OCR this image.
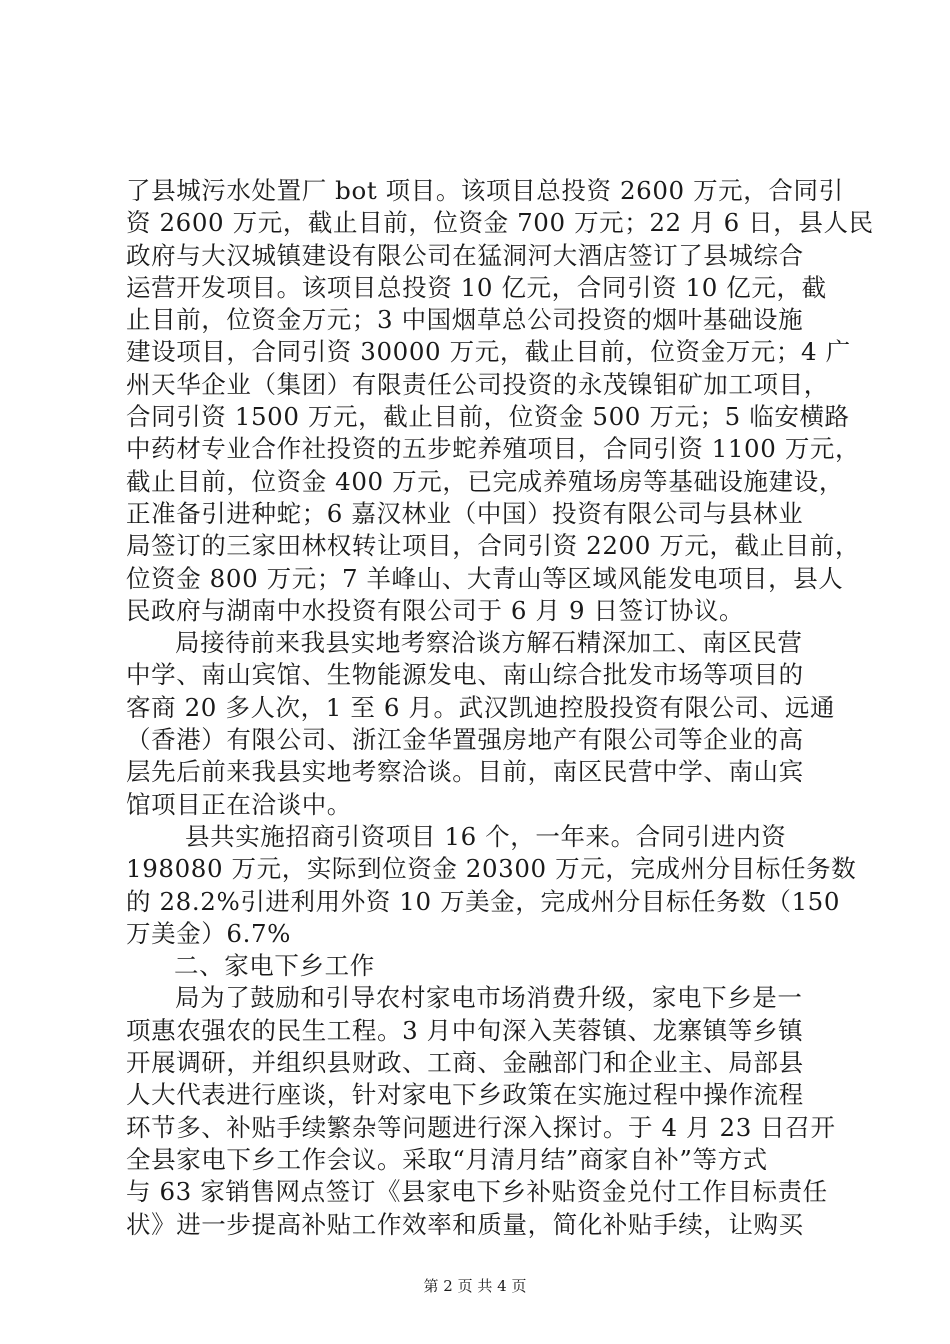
了县城污水处置厂 bot 项目。该项目总投资 2600 万元，合同引
资 2600 万元，截止目前，位资金 700 万元；22 月 6 日，县人民
政府与大汉城镇建设有限公司在猛洞河大酒店签订了县城综合
运营开发项目。该项目总投资 10 亿元，合同引资 10 亿元，截
止目前，位资金万元；3 中国烟草总公司投资的烟叶基础设施
建设项目，合同引资 30000 万元，截止目前，位资金万元；4 广
州天华企业（集团）有限责任公司投资的永茂镍钼矿加工项目，
合同引资 1500 万元，截止目前，位资金 500 万元；5 临安横路
中药材专业合作社投资的五步蛇养殖项目，合同引资 1100 万元，
截止目前，位资金 400 万元，已完成养殖场房等基础设施建设，
正准备引进种蛇；6 嘉汉林业（中国）投资有限公司与县林业
局签订的三家田林权转让项目，合同引资 2200 万元，截止目前，
位资金 800 万元；7 羊峰山、大青山等区域风能发电项目，县人
民政府与湖南中水投资有限公司于 6 月 9 日签订协议。
局接待前来我县实地考察洽谈方解石精深加工、南区民营
中学、南山宾馆、生物能源发电、南山综合批发市场等项目的
客商 20 多人次，1 至 6 月。武汉凯迪控股投资有限公司、远通
（香港）有限公司、浙江金华置强房地产有限公司等企业的高
层先后前来我县实地考察洽谈。目前，南区民营中学、南山宾
馆项目正在洽谈中。
县共实施招商引资项目 16 个，一年来。合同引进内资
198080 万元，实际到位资金 20300 万元，完成州分目标任务数
的 28.2%引进利用外资 10 万美金，完成州分目标任务数（150
万美金）6.7%
二、家电下乡工作
局为了鼓励和引导农村家电市场消费升级，家电下乡是一
项惠农强农的民生工程。3 月中旬深入芙蓉镇、龙寨镇等乡镇
开展调研，并组织县财政、工商、金融部门和企业主、局部县
人大代表进行座谈，针对家电下乡政策在实施过程中操作流程
环节多、补贴手续繁杂等问题进行深入探讨。于 4 月 23 日召开
全县家电下乡工作会议。采取“月清月结”商家自补”等方式
与 63 家销售网点签订《县家电下乡补贴资金兑付工作目标责任
状》进一步提高补贴工作效率和质量，简化补贴手续，让购买
第 2 页 共 4 页
